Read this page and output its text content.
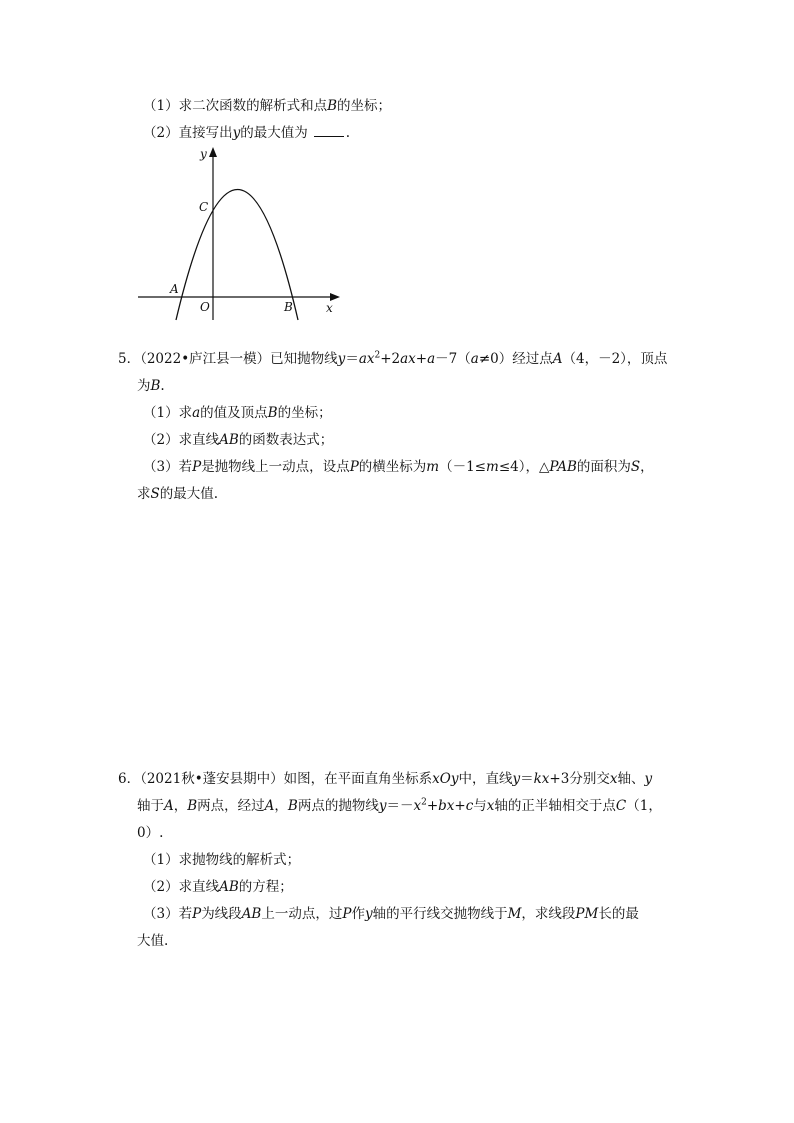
（1）求二次函数的解析式和点B的坐标；
（2）直接写出y的最大值为	.
y
x
C
A
O	B
5．（2022•庐江县一模）已知抛物线$y=ax^2+2ax+a-7(a\ne 0)$经过点A（4，－2），顶点
为B.
（1）求a的值及顶点B的坐标；
（2）求直线AB的函数表达式；
（3）若P是抛物线上一动点，设点P的横坐标为m（－1≤m≤4），△PAB的面积为S，
求S的最大值.
6．（2021秋•蓬安县期中）如图，在平面直角坐标系xOy中，直线y＝kx+3分别交x轴、y
轴于A，B两点，经过A，B两点的抛物线$y=-x^2+bx+c$与x轴的正半轴相交于点C（1，
0）.
（1）求抛物线的解析式；
（2）求直线AB的方程；
（3）若P为线段AB上一动点，过P作y轴的平行线交抛物线于M，求线段PM长的最
大值.
